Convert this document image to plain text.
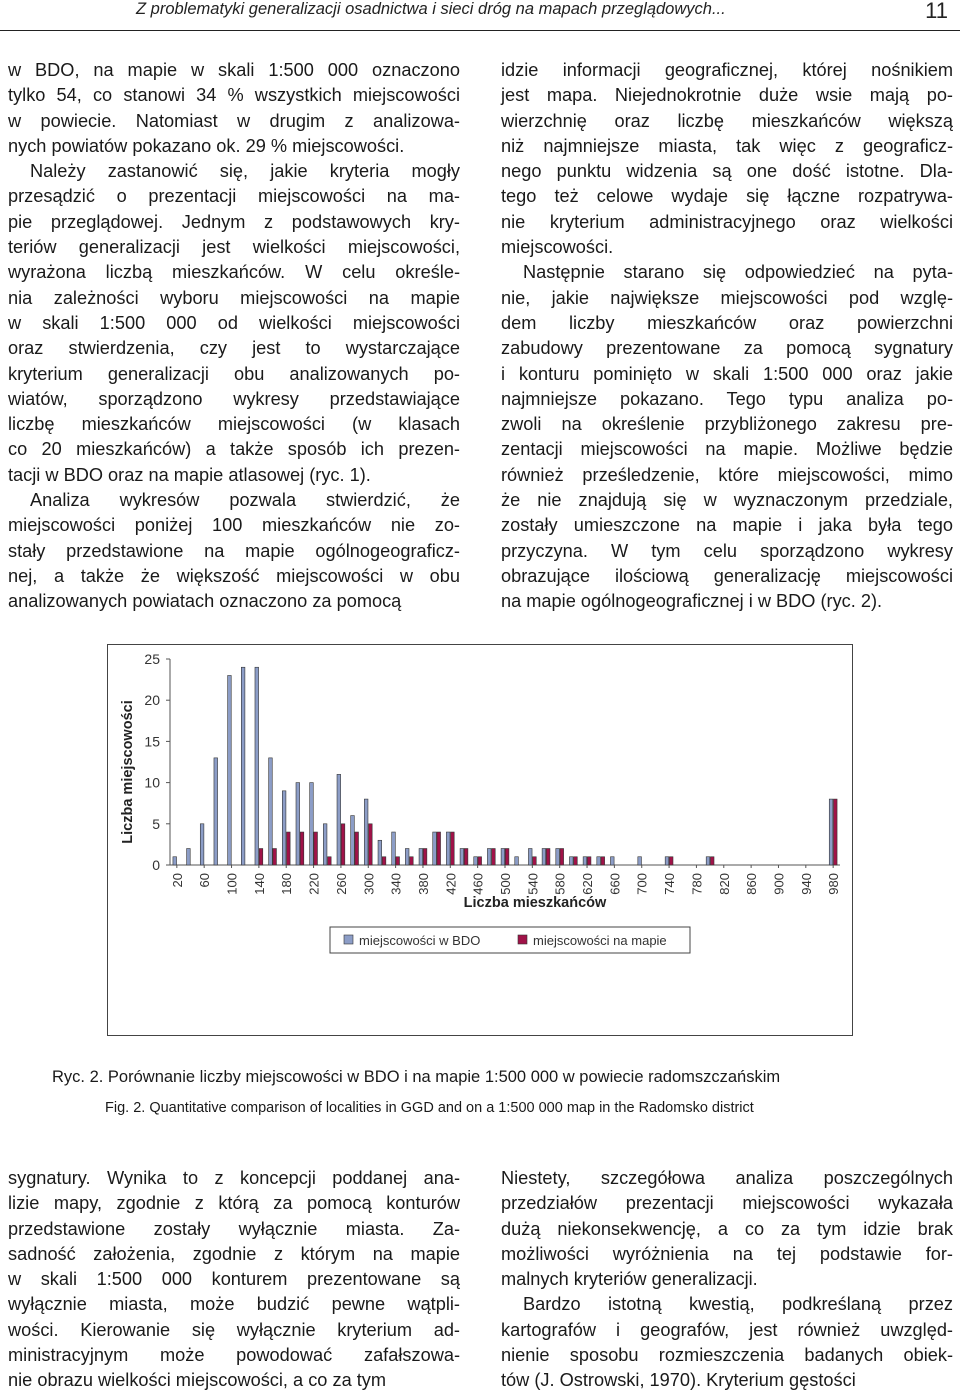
Z problematyki generalizacji osadnictwa i sieci dróg na mapach przeglądowych...	11

w BDO, na mapie w skali 1:500 000 oznaczono
tylko 54, co stanowi 34 % wszystkich miejscowości
w powiecie. Natomiast w drugim z analizowa-
nych powiatów pokazano ok. 29 % miejscowości.

Należy zastanowić się, jakie kryteria mogły
przesądzić o prezentacji miejscowości na ma-
pie przeglądowej. Jednym z podstawowych kry-
teriów generalizacji jest wielkości miejscowości,
wyrażona liczbą mieszkańców. W celu określe-
nia zależności wyboru miejscowości na mapie
w skali 1:500 000 od wielkości miejscowości
oraz stwierdzenia, czy jest to wystarczające
kryterium generalizacji obu analizowanych po-
wiatów, sporządzono wykresy przedstawiające
liczbę mieszkańców miejscowości (w klasach
co 20 mieszkańców) a także sposób ich prezen-
tacji w BDO oraz na mapie atlasowej (ryc. 1).

Analiza wykresów pozwala stwierdzić, że
miejscowości poniżej 100 mieszkańców nie zo-
stały przedstawione na mapie ogólnogeograficz-
nej, a także że większość miejscowości w obu
analizowanych powiatach oznaczono za pomocą

idzie informacji geograficznej, której nośnikiem
jest mapa. Niejednokrotnie duże wsie mają po-
wierzchnię oraz liczbę mieszkańców większą
niż najmniejsze miasta, tak więc z geograficz-
nego punktu widzenia są one dość istotne. Dla-
tego też celowe wydaje się łączne rozpatrywa-
nie kryterium administracyjnego oraz wielkości
miejscowości.

Następnie starano się odpowiedzieć na pyta-
nie, jakie największe miejscowości pod wzglę-
dem liczby mieszkańców oraz powierzchni
zabudowy prezentowane za pomocą sygnatury
i konturu pominięto w skali 1:500 000 oraz jakie
najmniejsze pokazano. Tego typu analiza po-
zwoli na określenie przybliżonego zakresu pre-
zentacji miejscowości na mapie. Możliwe będzie
również prześledzenie, które miejscowości, mimo
że nie znajdują się w wyznaczonym przedziale,
zostały umieszczone na mapie i jaka była tego
przyczyna. W tym celu sporządzono wykresy
obrazujące ilościową generalizację miejscowości
na mapie ogólnogeograficznej i w BDO (ryc. 2).

0
5
10
15
20
25
20 60 100 140 180 220 260 300 340 380 420 460 500 540 580 620 660 700 740 780 820 860 900 940 980
Liczba miejscowości
Liczba mieszkańców
miejscowości w BDO	miejscowości na mapie
Ryc. 2. Porównanie liczby miejscowości w BDO i na mapie 1:500 000 w powiecie radomszczańskim
Fig. 2. Quantitative comparison of localities in GGD and on a 1:500 000 map in the Radomsko district

sygnatury. Wynika to z koncepcji poddanej ana-
lizie mapy, zgodnie z którą za pomocą konturów
przedstawione zostały wyłącznie miasta. Za-
sadność założenia, zgodnie z którym na mapie
w skali 1:500 000 konturem prezentowane są
wyłącznie miasta, może budzić pewne wątpli-
wości. Kierowanie się wyłącznie kryterium ad-
ministracyjnym może powodować zafałszowa-
nie obrazu wielkości miejscowości, a co za tym

Niestety, szczegółowa analiza poszczególnych
przedziałów prezentacji miejscowości wykazała
dużą niekonsekwencję, a co za tym idzie brak
możliwości wyróżnienia na tej podstawie for-
malnych kryteriów generalizacji.

Bardzo istotną kwestią, podkreślaną przez
kartografów i geografów, jest również uwzględ-
nienie sposobu rozmieszczenia badanych obiek-
tów (J. Ostrowski, 1970). Kryterium gęstości
